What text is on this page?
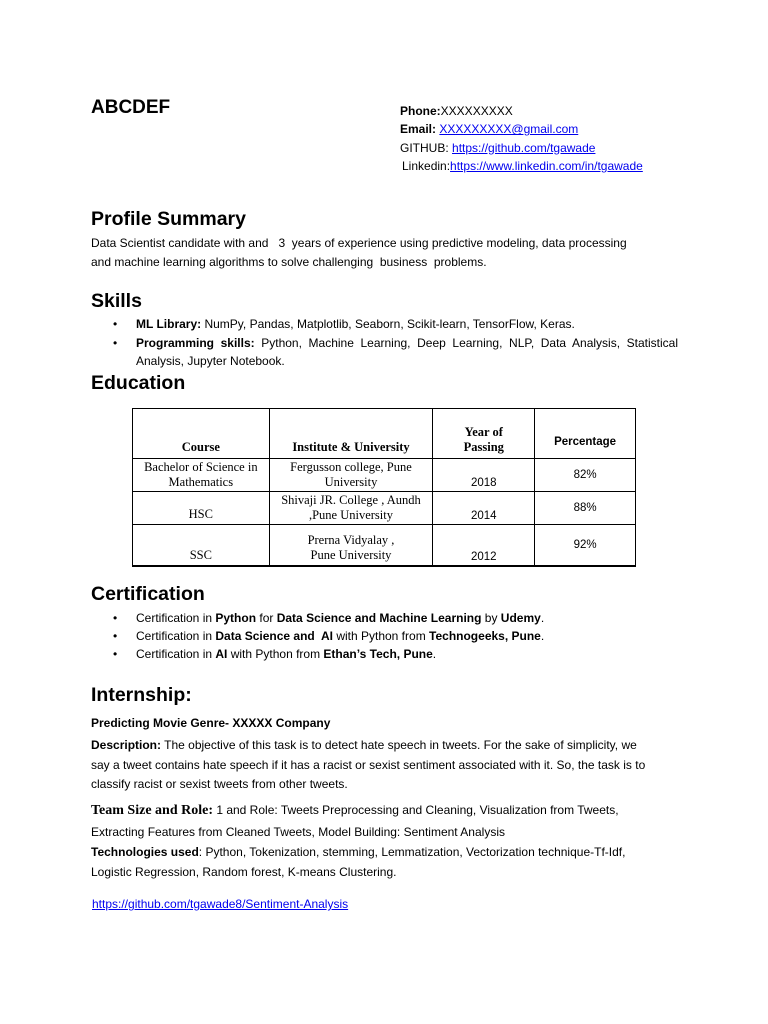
ABCDEF	Phone:XXXXXXXXX
Email: XXXXXXXXX@gmail.com
GITHUB: https://github.com/tgawade
Linkedin:https://www.linkedin.com/in/tgawade
Profile Summary
Data Scientist candidate with and   3  years of experience using predictive modeling, data processing
and machine learning algorithms to solve challenging  business  problems.
Skills
• ML Library: NumPy, Pandas, Matplotlib, Seaborn, Scikit-learn, TensorFlow, Keras.
• Programming skills: Python, Machine Learning, Deep Learning, NLP, Data Analysis, Statistical Analysis, Jupyter Notebook.
Education
Course	Institute & University	Year of Passing	Percentage
Bachelor of Science in Mathematics	Fergusson college, Pune University	2018	82%
HSC	Shivaji JR. College , Aundh ,Pune University	2014	88%
SSC	Prerna Vidyalay , Pune University	2012	92%
Certification
• Certification in Python for Data Science and Machine Learning by Udemy.
• Certification in Data Science and  AI with Python from Technogeeks, Pune.
• Certification in AI with Python from Ethan’s Tech, Pune.
Internship:
Predicting Movie Genre- XXXXX Company
Description: The objective of this task is to detect hate speech in tweets. For the sake of simplicity, we
say a tweet contains hate speech if it has a racist or sexist sentiment associated with it. So, the task is to
classify racist or sexist tweets from other tweets.
Team Size and Role: 1 and Role: Tweets Preprocessing and Cleaning, Visualization from Tweets,
Extracting Features from Cleaned Tweets, Model Building: Sentiment Analysis
Technologies used: Python, Tokenization, stemming, Lemmatization, Vectorization technique-Tf-Idf,
Logistic Regression, Random forest, K-means Clustering.
https://github.com/tgawade8/Sentiment-Analysis
